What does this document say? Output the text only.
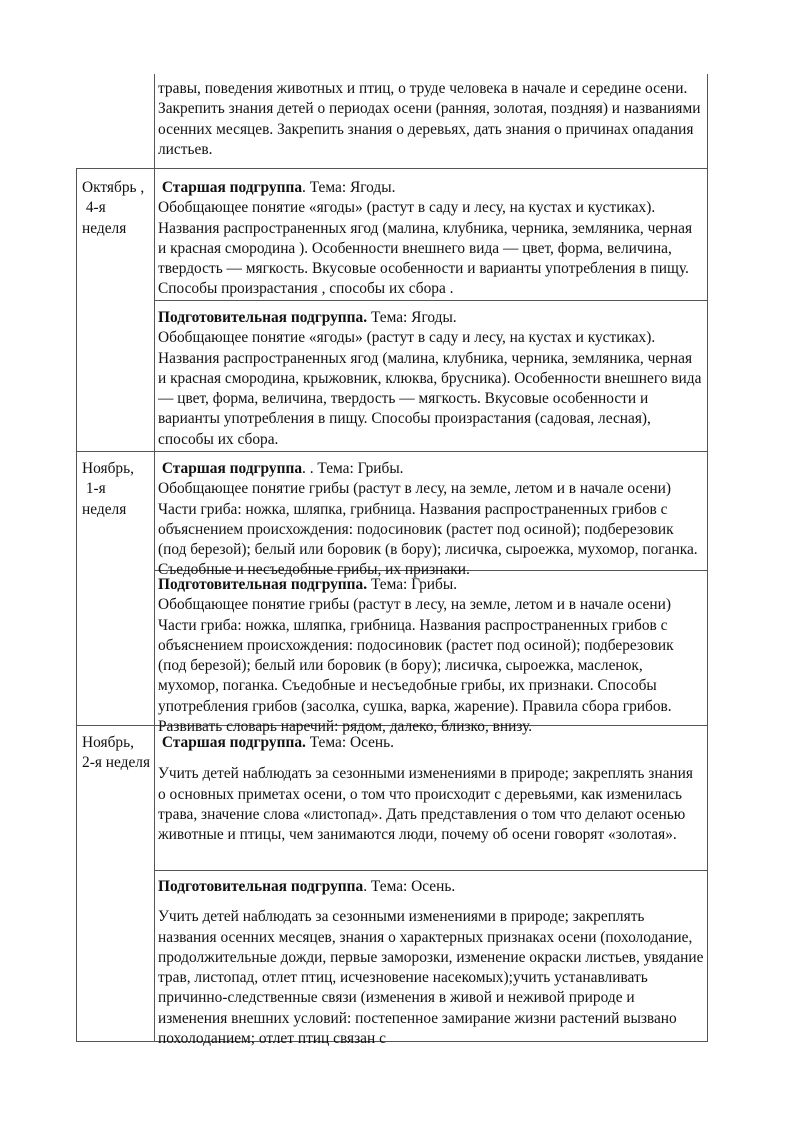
травы, поведения животных и птиц, о труде человека в начале и середине осени. Закрепить знания детей о периодах осени (ранняя, золотая, поздняя) и названиями осенних месяцев. Закрепить знания о деревьях, дать знания о причинах опадания листьев.
Октябрь ,
4-я
неделя
Старшая подгруппа. Тема: Ягоды.
Обобщающее понятие «ягоды» (растут в саду и лесу, на кустах и кустиках). Названия распространенных ягод (малина, клубника, черника, земляника, черная и красная смородина ). Особенности внешнего вида — цвет, форма, величина, твердость — мягкость. Вкусовые особенности и варианты употребления в пищу. Способы произрастания , способы их сбора .
Подготовительная подгруппа. Тема: Ягоды.
Обобщающее понятие «ягоды» (растут в саду и лесу, на кустах и кустиках). Названия распространенных ягод (малина, клубника, черника, земляника, черная и красная смородина, крыжовник, клюква, брусника). Особенности внешнего вида — цвет, форма, величина, твердость — мягкость. Вкусовые особенности и варианты употребления в пищу. Способы произрастания (садовая, лесная), способы их сбора.
Ноябрь,
1-я
неделя
Старшая подгруппа. . Тема: Грибы.
Обобщающее понятие грибы (растут в лесу, на земле, летом и в начале осени) Части гриба: ножка, шляпка, грибница. Названия распространенных грибов с объяснением происхождения: подосиновик (растет под осиной); подберезовик (под березой); белый или боровик (в бору); лисичка, сыроежка, мухомор, поганка. Съедобные и несъедобные грибы, их признаки.
Подготовительная подгруппа. Тема: Грибы.
Обобщающее понятие грибы (растут в лесу, на земле, летом и в начале осени) Части гриба: ножка, шляпка, грибница. Названия распространенных грибов с объяснением происхождения: подосиновик (растет под осиной); подберезовик (под березой); белый или боровик (в бору); лисичка, сыроежка, масленок, мухомор, поганка. Съедобные и несъедобные грибы, их признаки. Способы употребления грибов (засолка, сушка, варка, жарение). Правила сбора грибов. Развивать словарь наречий: рядом, далеко, близко, внизу.
Ноябрь,
2-я неделя
Старшая подгруппа. Тема: Осень.
Учить детей наблюдать за сезонными изменениями в природе; закреплять знания о основных приметах осени, о том что происходит с деревьями, как изменилась трава, значение слова «листопад». Дать представления о том что делают осенью животные и птицы, чем занимаются люди, почему об осени говорят «золотая».
Подготовительная подгруппа. Тема: Осень.
Учить детей наблюдать за сезонными изменениями в природе; закреплять названия осенних месяцев, знания о характерных признаках осени (похолодание, продолжительные дожди, первые заморозки, изменение окраски листьев, увядание трав, листопад, отлет птиц, исчезновение насекомых);учить устанавливать причинно-следственные связи (изменения в живой и неживой природе и изменения внешних условий: постепенное замирание жизни растений вызвано похолоданием; отлет птиц связан с
